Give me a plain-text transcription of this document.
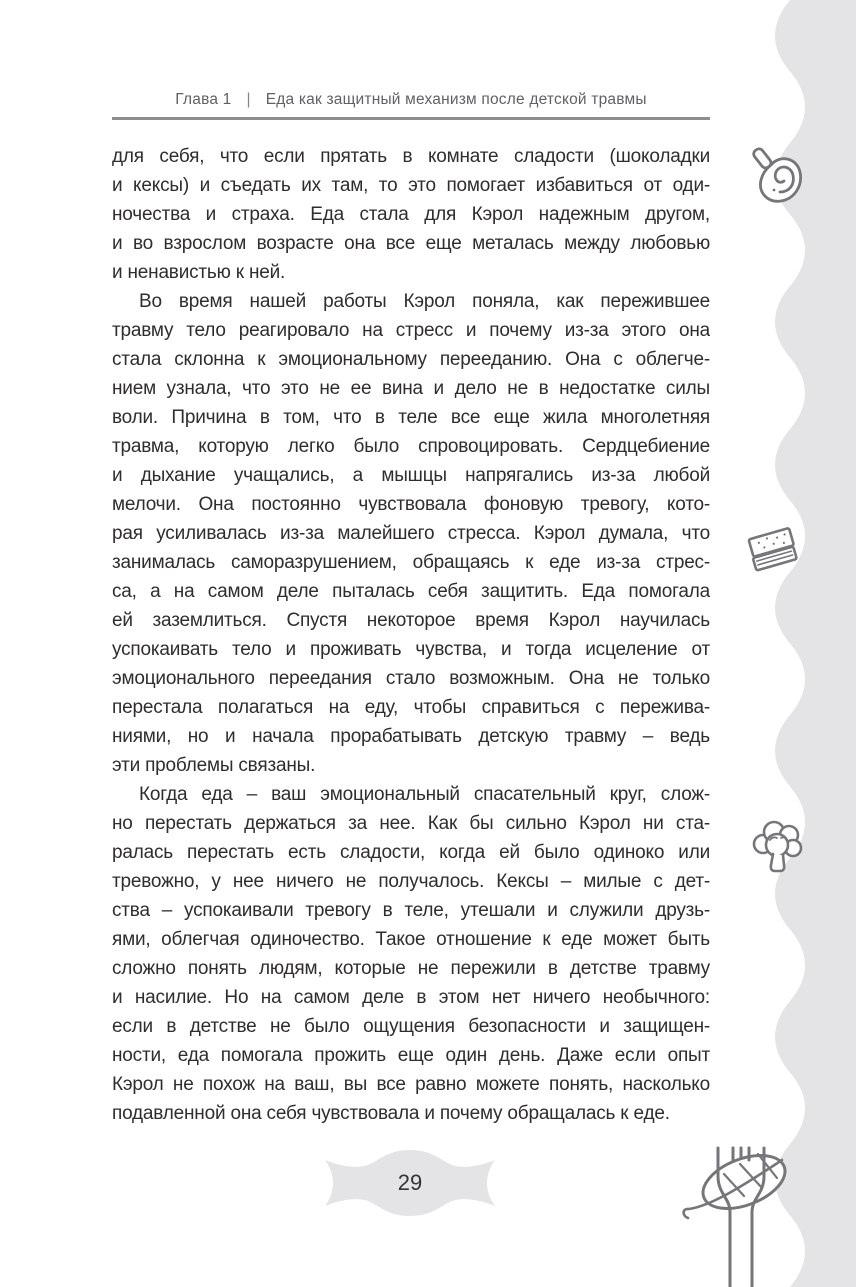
Глава 1 | Еда как защитный механизм после детской травмы
для себя, что если прятать в комнате сладости (шоколадки
и кексы) и съедать их там, то это помогает избавиться от оди-
ночества и страха. Еда стала для Кэрол надежным другом,
и во взрослом возрасте она все еще металась между любовью
и ненавистью к ней.
Во время нашей работы Кэрол поняла, как пережившее
травму тело реагировало на стресс и почему из-за этого она
стала склонна к эмоциональному перееданию. Она с облегче-
нием узнала, что это не ее вина и дело не в недостатке силы
воли. Причина в том, что в теле все еще жила многолетняя
травма, которую легко было спровоцировать. Сердцебиение
и дыхание учащались, а мышцы напрягались из-за любой
мелочи. Она постоянно чувствовала фоновую тревогу, кото-
рая усиливалась из-за малейшего стресса. Кэрол думала, что
занималась саморазрушением, обращаясь к еде из-за стрес-
са, а на самом деле пыталась себя защитить. Еда помогала
ей заземлиться. Спустя некоторое время Кэрол научилась
успокаивать тело и проживать чувства, и тогда исцеление от
эмоционального переедания стало возможным. Она не только
перестала полагаться на еду, чтобы справиться с пережива-
ниями, но и начала прорабатывать детскую травму – ведь
эти проблемы связаны.
Когда еда – ваш эмоциональный спасательный круг, слож-
но перестать держаться за нее. Как бы сильно Кэрол ни ста-
ралась перестать есть сладости, когда ей было одиноко или
тревожно, у нее ничего не получалось. Кексы – милые с дет-
ства – успокаивали тревогу в теле, утешали и служили друзь-
ями, облегчая одиночество. Такое отношение к еде может быть
сложно понять людям, которые не пережили в детстве травму
и насилие. Но на самом деле в этом нет ничего необычного:
если в детстве не было ощущения безопасности и защищен-
ности, еда помогала прожить еще один день. Даже если опыт
Кэрол не похож на ваш, вы все равно можете понять, насколько
подавленной она себя чувствовала и почему обращалась к еде.
29
